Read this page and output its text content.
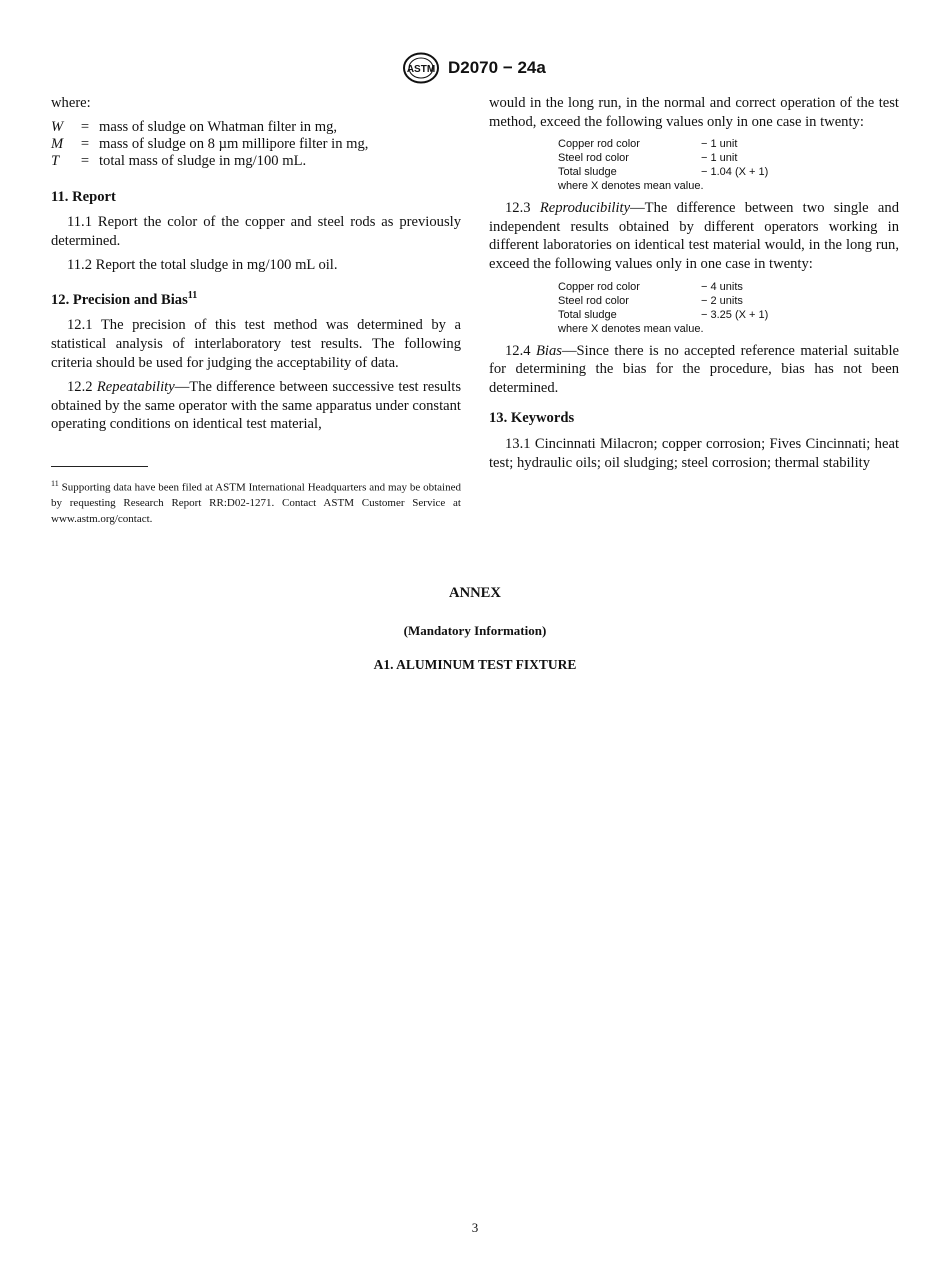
ASTM D2070 − 24a

where:

W	= mass of sludge on Whatman filter in mg,
M	= mass of sludge on 8 µm millipore filter in mg,
T	= total mass of sludge in mg/100 mL.
11. Report

11.1 Report the color of the copper and steel rods as previously determined.

11.2 Report the total sludge in mg/100 mL oil.

12. Precision and Bias$^{11}$

12.1 The precision of this test method was determined by a statistical analysis of interlaboratory test results. The following criteria should be used for judging the acceptability of data.

12.2 Repeatability—The difference between successive test results obtained by the same operator with the same apparatus under constant operating conditions on identical test material,

would in the long run, in the normal and correct operation of the test method, exceed the following values only in one case in twenty:

Copper rod color	− 1 unit
Steel rod color	− 1 unit
Total sludge	− 1.04 (X + 1)
where X denotes mean value.

12.3 Reproducibility—The difference between two single and independent results obtained by different operators working in different laboratories on identical test material would, in the long run, exceed the following values only in one case in twenty:

Copper rod color	− 4 units
Steel rod color	− 2 units
Total sludge	− 3.25 (X + 1)
where X denotes mean value.

12.4 Bias—Since there is no accepted reference material suitable for determining the bias for the procedure, bias has not been determined.

13. Keywords

13.1 Cincinnati Milacron; copper corrosion; Fives Cincinnati; heat test; hydraulic oils; oil sludging; steel corrosion; thermal stability

$^{11}$ Supporting data have been filed at ASTM International Headquarters and may be obtained by requesting Research Report RR:D02-1271. Contact ASTM Customer Service at www.astm.org/contact.
ANNEX
(Mandatory Information)
A1. ALUMINUM TEST FIXTURE
3
